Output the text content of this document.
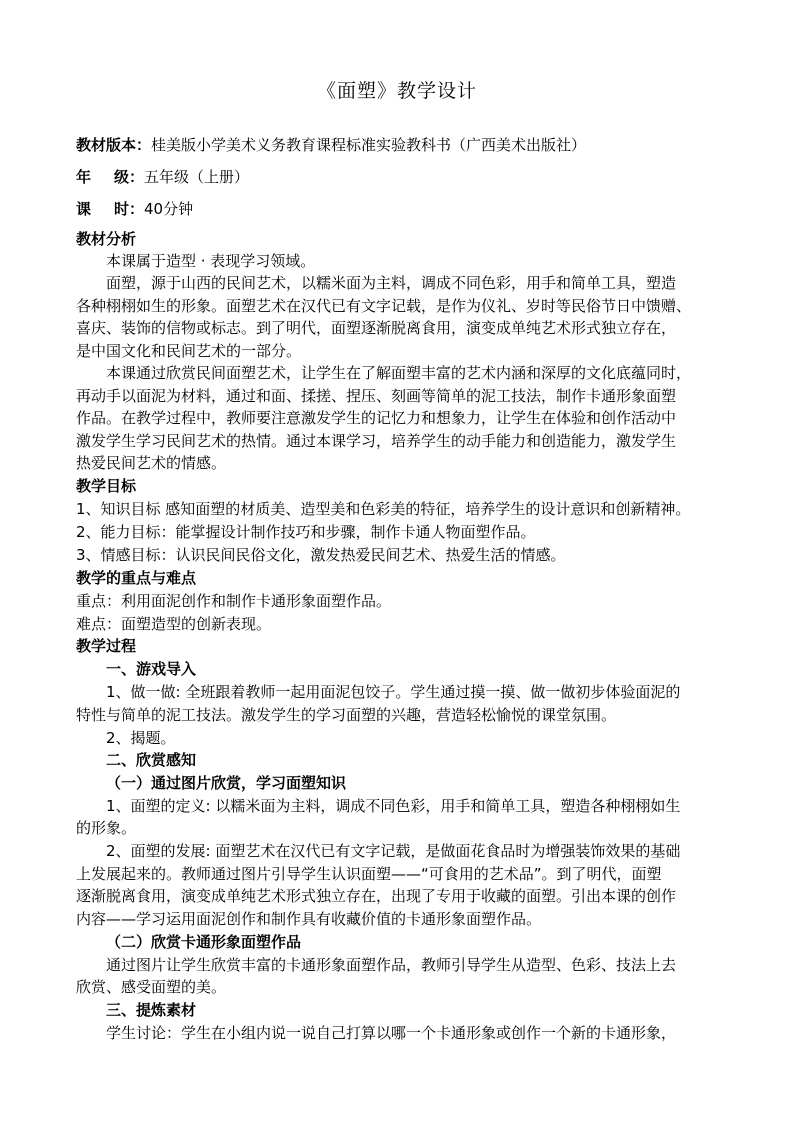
《面塑》教学设计
教材版本：桂美版小学美术义务教育课程标准实验教科书（广西美术出版社）
年 级： 五年级（上册）
课 时： 40分钟
教材分析
本课属于造型 · 表现学习领域。
面塑，源于山西的民间艺术，以糯米面为主料，调成不同色彩，用手和简单工具，塑造
各种栩栩如生的形象。面塑艺术在汉代已有文字记载，是作为仪礼、岁时等民俗节日中馈赠、
喜庆、装饰的信物或标志。到了明代，面塑逐渐脱离食用，演变成单纯艺术形式独立存在，
是中国文化和民间艺术的一部分。
本课通过欣赏民间面塑艺术，让学生在了解面塑丰富的艺术内涵和深厚的文化底蕴同时，
再动手以面泥为材料，通过和面、揉搓、捏压、刻画等简单的泥工技法，制作卡通形象面塑
作品。在教学过程中，教师要注意激发学生的记忆力和想象力，让学生在体验和创作活动中
激发学生学习民间艺术的热情。通过本课学习，培养学生的动手能力和创造能力，激发学生
热爱民间艺术的情感。
教学目标
1、知识目标 感知面塑的材质美、造型美和色彩美的特征，培养学生的设计意识和创新精神。
2、能力目标：能掌握设计制作技巧和步骤，制作卡通人物面塑作品。
3、情感目标：认识民间民俗文化，激发热爱民间艺术、热爱生活的情感。
教学的重点与难点
重点：利用面泥创作和制作卡通形象面塑作品。
难点：面塑造型的创新表现。
教学过程
一、游戏导入
1、做一做: 全班跟着教师一起用面泥包饺子。学生通过摸一摸、做一做初步体验面泥的
特性与简单的泥工技法。激发学生的学习面塑的兴趣，营造轻松愉悦的课堂氛围。
2、揭题。
二、欣赏感知
（一）通过图片欣赏，学习面塑知识
1、面塑的定义: 以糯米面为主料，调成不同色彩，用手和简单工具，塑造各种栩栩如生
的形象。
2、面塑的发展: 面塑艺术在汉代已有文字记载，是做面花食品时为增强装饰效果的基础
上发展起来的。教师通过图片引导学生认识面塑——“可食用的艺术品”。到了明代，面塑
逐渐脱离食用，演变成单纯艺术形式独立存在，出现了专用于收藏的面塑。引出本课的创作
内容——学习运用面泥创作和制作具有收藏价值的卡通形象面塑作品。
（二）欣赏卡通形象面塑作品
通过图片让学生欣赏丰富的卡通形象面塑作品，教师引导学生从造型、色彩、技法上去
欣赏、感受面塑的美。
三、提炼素材
学生讨论：学生在小组内说一说自己打算以哪一个卡通形象或创作一个新的卡通形象，
